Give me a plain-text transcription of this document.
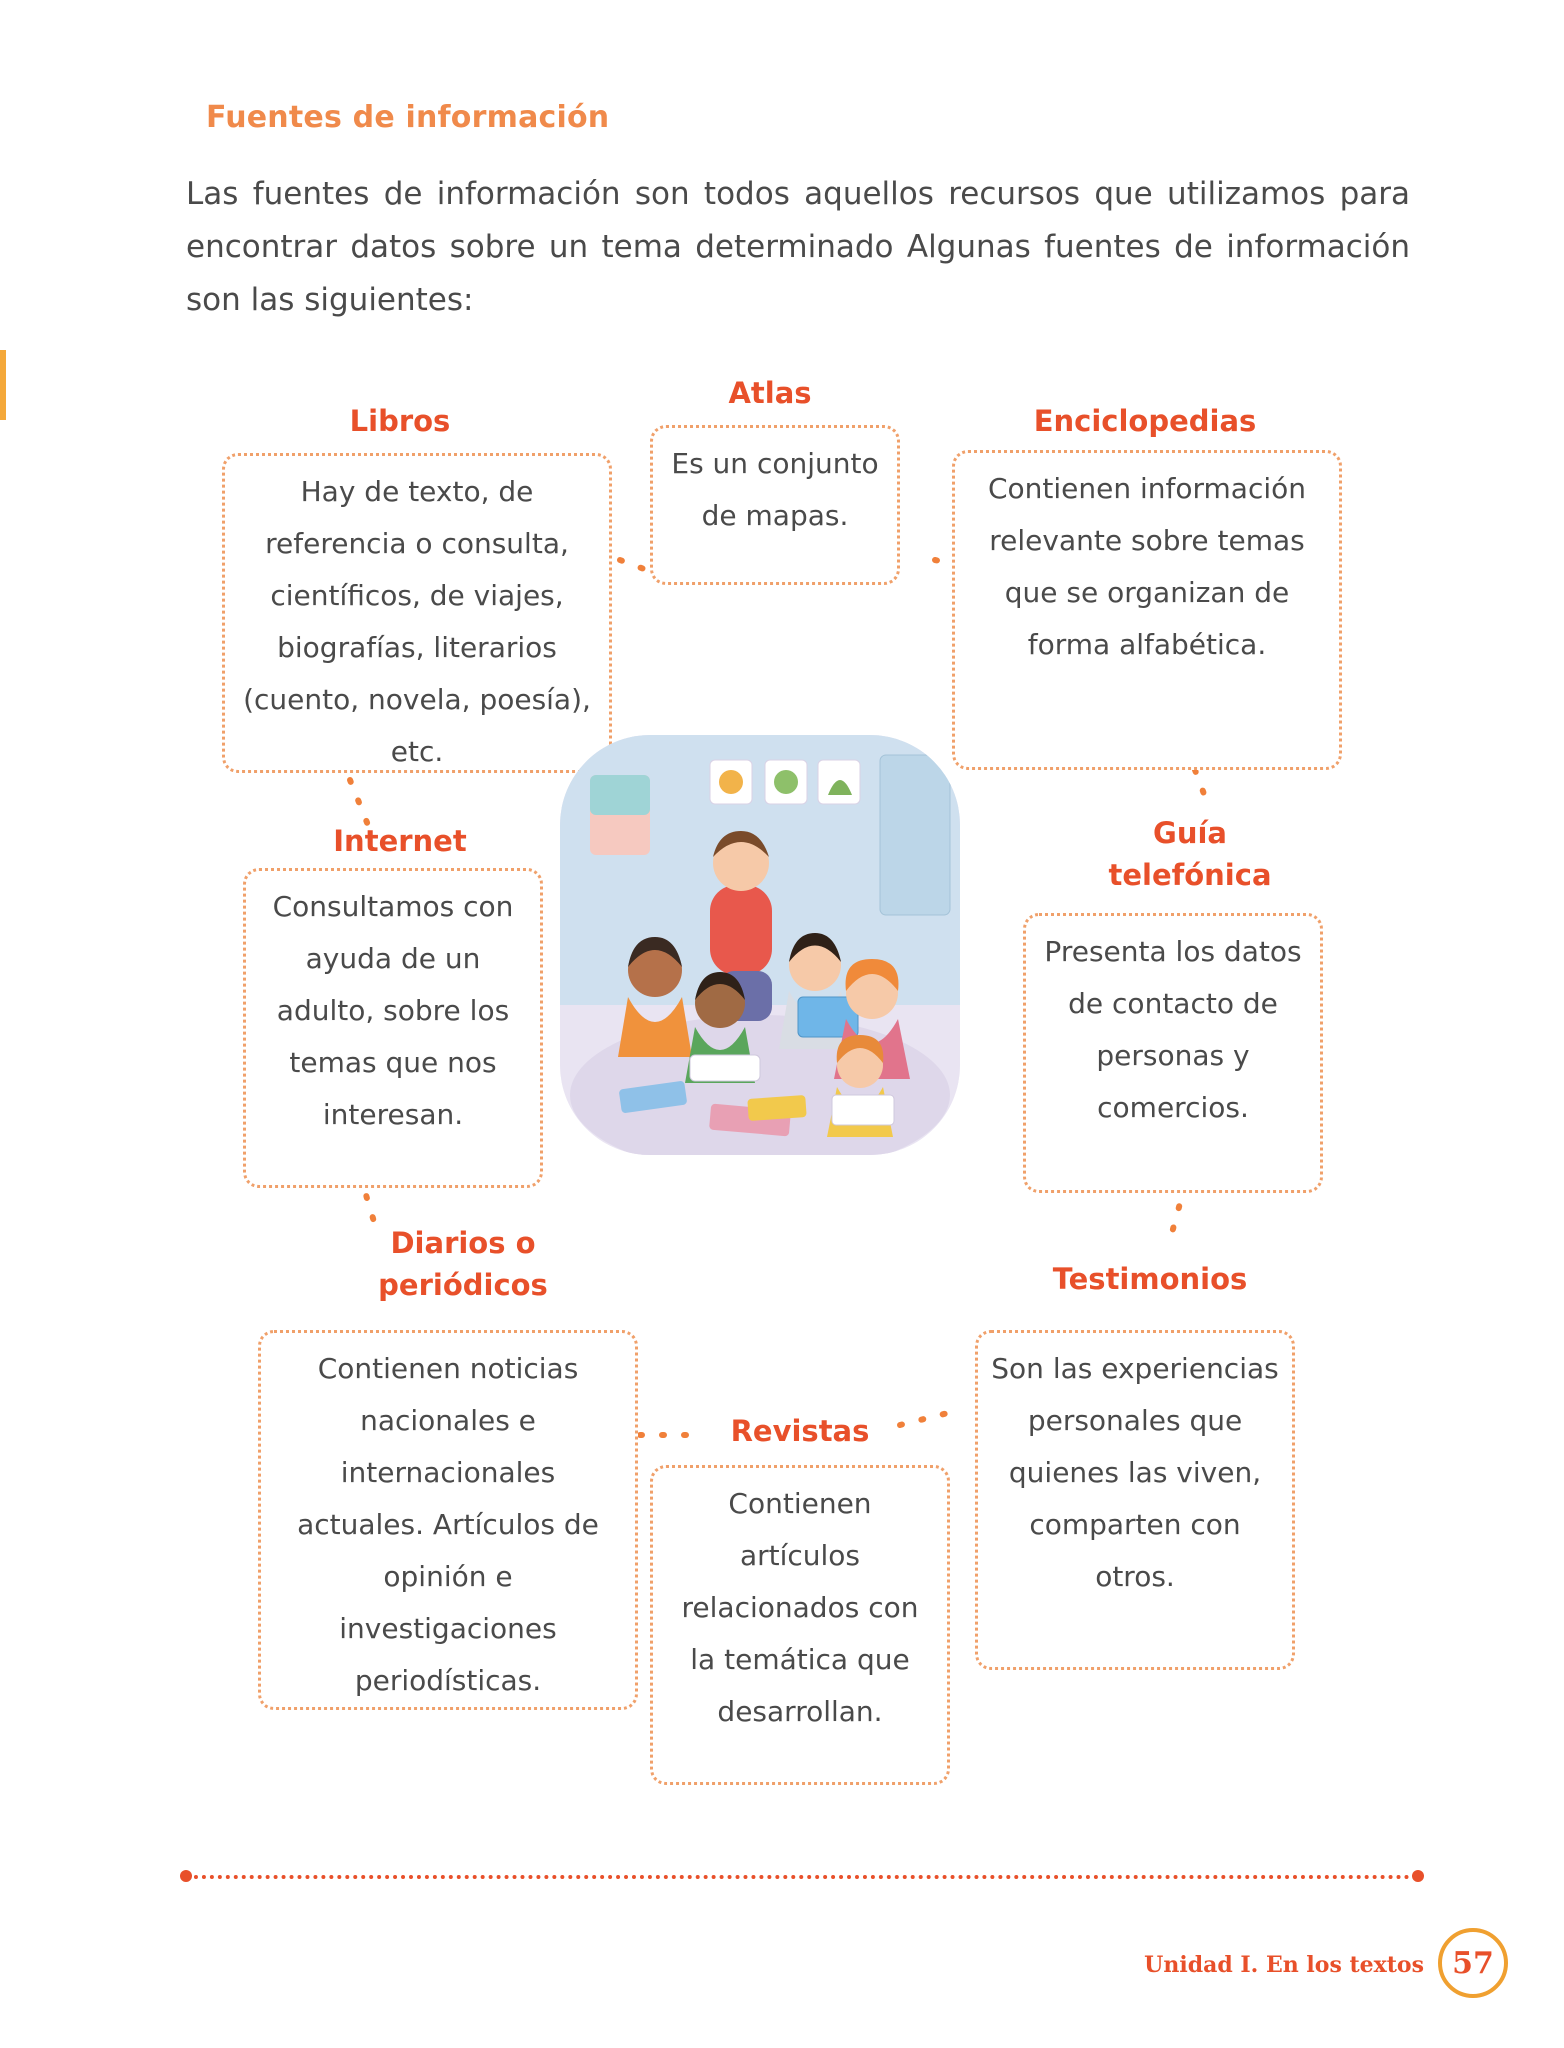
Fuentes de información
Las fuentes de información son todos aquellos recursos que utilizamos para encontrar datos sobre un tema determinado Algunas fuentes de información son las siguientes:
Libros
Hay de texto, de referencia o consulta, científicos, de viajes, biografías, literarios (cuento, novela, poesía), etc.
Atlas
Es un conjunto de mapas.
Enciclopedias
Contienen información relevante sobre temas que se organizan de forma alfabética.
Internet
Consultamos con ayuda de un adulto, sobre los temas que nos interesan.
Guía telefónica
Presenta los datos de contacto de personas y comercios.
Diarios o periódicos
Contienen noticias nacionales e internacionales actuales. Artículos de opinión e investigaciones periodísticas.
Revistas
Contienen artículos relacionados con la temática que desarrollan.
Testimonios
Son las experiencias personales que quienes las viven, comparten con otros.
Unidad I. En los textos 57
